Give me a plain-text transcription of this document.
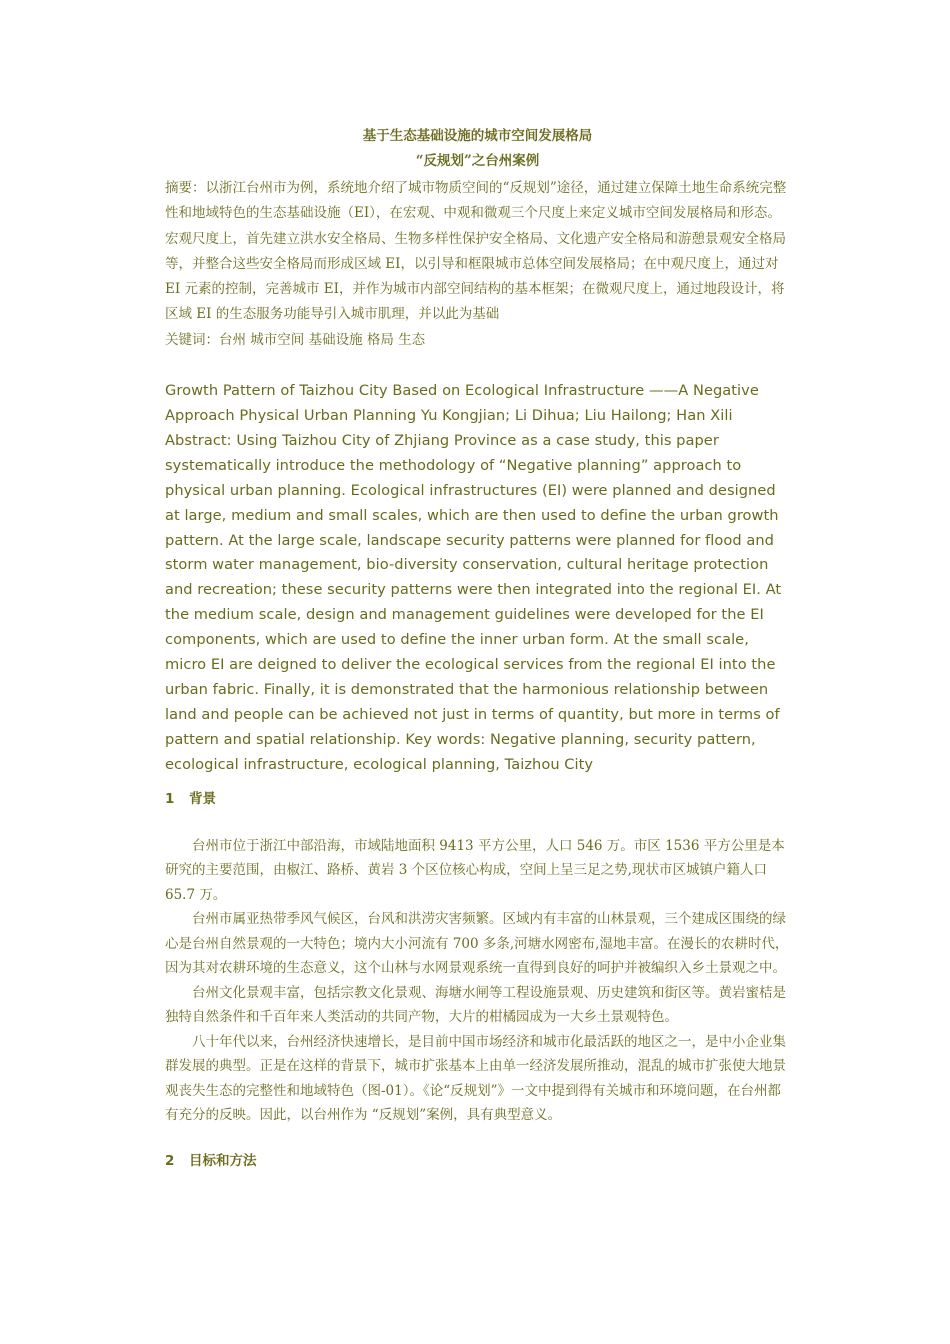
基于生态基础设施的城市空间发展格局

“反规划”之台州案例

摘要：以浙江台州市为例，系统地介绍了城市物质空间的“反规划”途径，通过建立保障土地生命系统完整性和地域特色的生态基础设施（EI），在宏观、中观和微观三个尺度上来定义城市空间发展格局和形态。宏观尺度上，首先建立洪水安全格局、生物多样性保护安全格局、文化遗产安全格局和游憩景观安全格局等，并整合这些安全格局而形成区域 EI，以引导和框限城市总体空间发展格局；在中观尺度上，通过对 EI 元素的控制，完善城市 EI，并作为城市内部空间结构的基本框架；在微观尺度上，通过地段设计，将区域 EI 的生态服务功能导引入城市肌理，并以此为基础

关键词：台州 城市空间 基础设施 格局 生态

Growth Pattern of Taizhou City Based on Ecological Infrastructure ——A Negative Approach Physical Urban Planning Yu Kongjian; Li Dihua; Liu Hailong; Han Xili Abstract: Using Taizhou City of Zhjiang Province as a case study, this paper systematically introduce the methodology of “Negative planning” approach to physical urban planning. Ecological infrastructures (EI) were planned and designed at large, medium and small scales, which are then used to define the urban growth pattern. At the large scale, landscape security patterns were planned for flood and storm water management, bio-diversity conservation, cultural heritage protection and recreation; these security patterns were then integrated into the regional EI. At the medium scale, design and management guidelines were developed for the EI components, which are used to define the inner urban form. At the small scale, micro EI are deigned to deliver the ecological services from the regional EI into the urban fabric. Finally, it is demonstrated that the harmonious relationship between land and people can be achieved not just in terms of quantity, but more in terms of pattern and spatial relationship. Key words: Negative planning, security pattern, ecological infrastructure, ecological planning, Taizhou City

1 背景

台州市位于浙江中部沿海，市域陆地面积 9413 平方公里，人口 546 万。市区 1536 平方公里是本研究的主要范围，由椒江、路桥、黄岩 3 个区位核心构成，空间上呈三足之势,现状市区城镇户籍人口 65.7 万。

台州市属亚热带季风气候区，台风和洪涝灾害频繁。区域内有丰富的山林景观，三个建成区围绕的绿心是台州自然景观的一大特色；境内大小河流有 700 多条,河塘水网密布,湿地丰富。在漫长的农耕时代，因为其对农耕环境的生态意义，这个山林与水网景观系统一直得到良好的呵护并被编织入乡土景观之中。

台州文化景观丰富，包括宗教文化景观、海塘水闸等工程设施景观、历史建筑和街区等。黄岩蜜桔是独特自然条件和千百年来人类活动的共同产物，大片的柑橘园成为一大乡土景观特色。

八十年代以来，台州经济快速增长，是目前中国市场经济和城市化最活跃的地区之一，是中小企业集群发展的典型。正是在这样的背景下，城市扩张基本上由单一经济发展所推动，混乱的城市扩张使大地景观丧失生态的完整性和地域特色（图-01）。《论“反规划”》一文中提到得有关城市和环境问题，在台州都有充分的反映。因此，以台州作为 “反规划”案例，具有典型意义。

2 目标和方法
